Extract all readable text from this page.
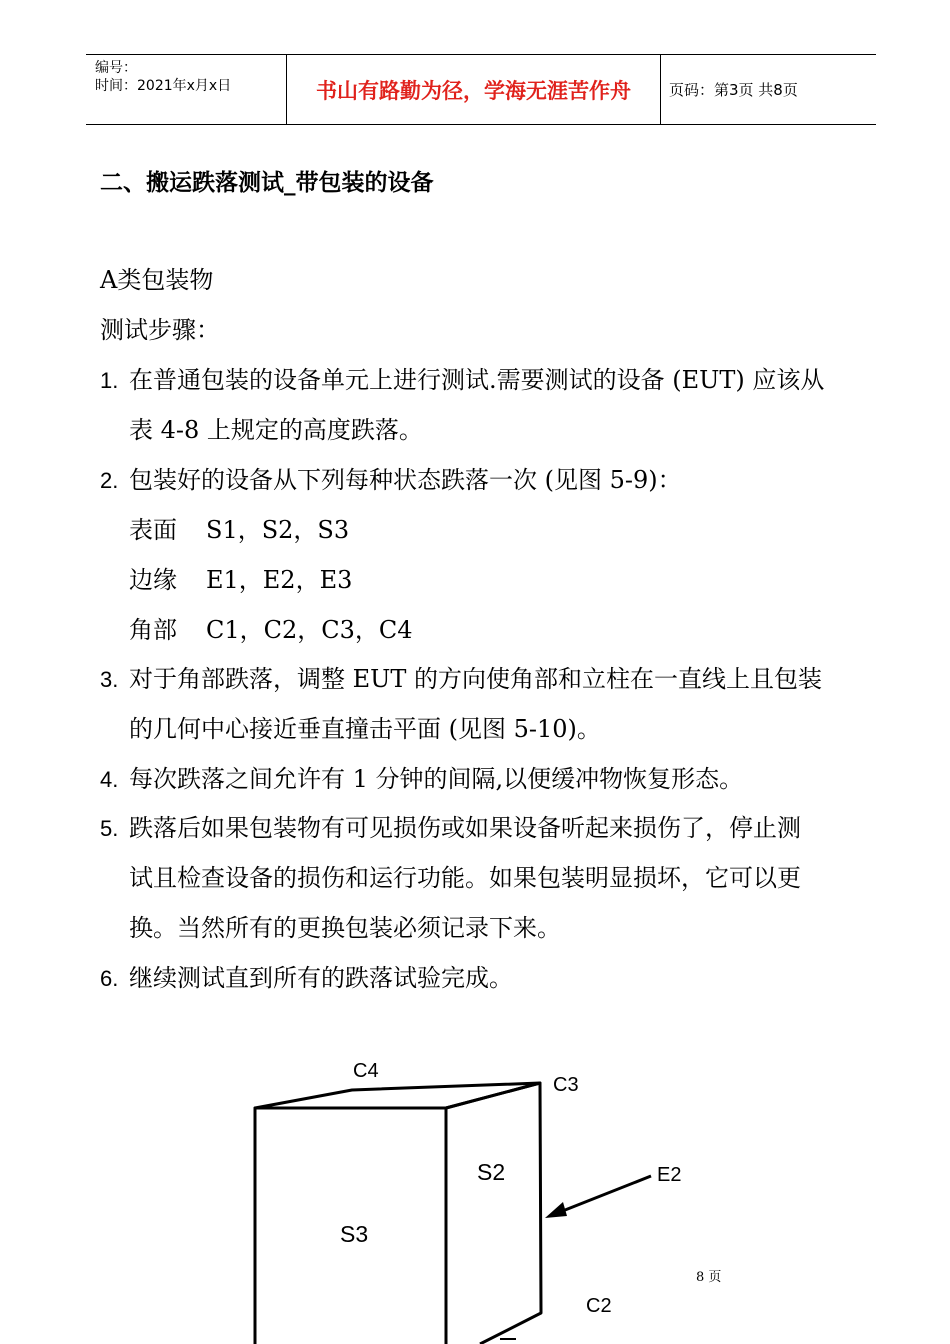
编号：
时间：2021年x月x日	书山有路勤为径，学海无涯苦作舟	页码：第3页 共8页
二、搬运跌落测试_带包装的设备
A类包装物
测试步骤：
1. 在普通包装的设备单元上进行测试.需要测试的设备 (EUT) 应该从
表 4-8 上规定的高度跌落。
2. 包装好的设备从下列每种状态跌落一次 (见图 5-9)：
表面 S1，S2，S3
边缘 E1，E2，E3
角部 C1，C2，C3，C4
3. 对于角部跌落，调整 EUT 的方向使角部和立柱在一直线上且包装
的几何中心接近垂直撞击平面 (见图 5-10)。
4. 每次跌落之间允许有 1 分钟的间隔,以便缓冲物恢复形态。
5. 跌落后如果包装物有可见损伤或如果设备听起来损伤了，停止测
试且检查设备的损伤和运行功能。如果包装明显损坏，它可以更
换。当然所有的更换包装必须记录下来。
6. 继续测试直到所有的跌落试验完成。
C4
C3
S2	E2
S3
C2
8 页
